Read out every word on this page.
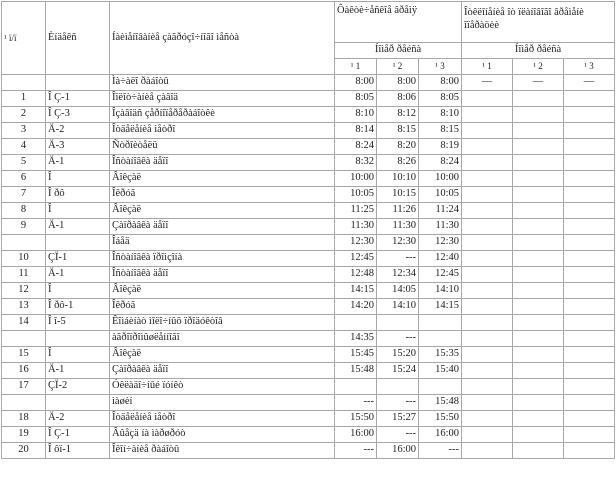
¹ ï/ï	Èíäåêñ	Íàèìåíîâàíèå çàãðóçî÷íîãî ìåñòà	Ôàêòè÷åñêîå âðåìÿ			Îòêëîíåíèå îò ïëàíîâîãî âðåìåíè îïåðàöèè		
			Íîìåð ðåéñà			Íîìåð ðåéñà		
			¹ 1	¹ 2	¹ 3	¹ 1	¹ 2	¹ 3
		Ìà÷àëî ðàáîòû	8:00	8:00	8:00	—	—	—
1	Î Ç-1	Îïëîò÷àíèå çàâîä	8:05	8:06	8:05			
2	Î Ç-3	Îçàâîäñ çåðíîïåðåðàáîòêè	8:10	8:12	8:10			
3	Ä-2	Îòäåëåíèå ìåòðî	8:14	8:15	8:15			
4	Ä-3	Ñòðîèòåëü	8:24	8:20	8:19			
5	Ä-1	Îñòàíîâêà äåïî	8:32	8:26	8:24			
6	Î	Âîêçàë	10:00	10:10	10:00			
7	Î ðô	Îêðóã	10:05	10:15	10:05			
8	Î	Âîêçàë	11:25	11:26	11:24			
9	Ä-1	Çàïðàâêà äåïî	11:30	11:30	11:30			
		Îáåä	12:30	12:30	12:30			
10	ÇÏ-1	Îñòàíîâêà ïðîìçîíà	12:45	---	12:40			
11	Ä-1	Îñòàíîâêà äåïî	12:48	12:34	12:45			
12	Î	Âîêçàë	14:15	14:05	14:10			
13	Î ðô-1	Îêðóã	14:20	14:10	14:15			
14	Î î-5	Êîìáèíàò ìîëî÷íûõ ïðîäóêòîâ						
		àãðîïðîìûøëåííîãî	14:35	---				
15	Î	Âîêçàë	15:45	15:20	15:35			
16	Ä-1	Çàïðàâêà äåïî	15:48	15:24	15:40			
17	ÇÏ-2	Óêëàäî÷íûé ïóíêò						
		ìàøèí	---	---	15:48			
18	Ä-2	Îòäåëåíèå ìåòðî	15:50	15:27	15:50			
19	Î Ç-1	Âûåçä íà ìàðøðóò	16:00	---	16:00			
20	Î ôï-1	Îêîí÷àíèå ðàáîòû	---	16:00	---			
